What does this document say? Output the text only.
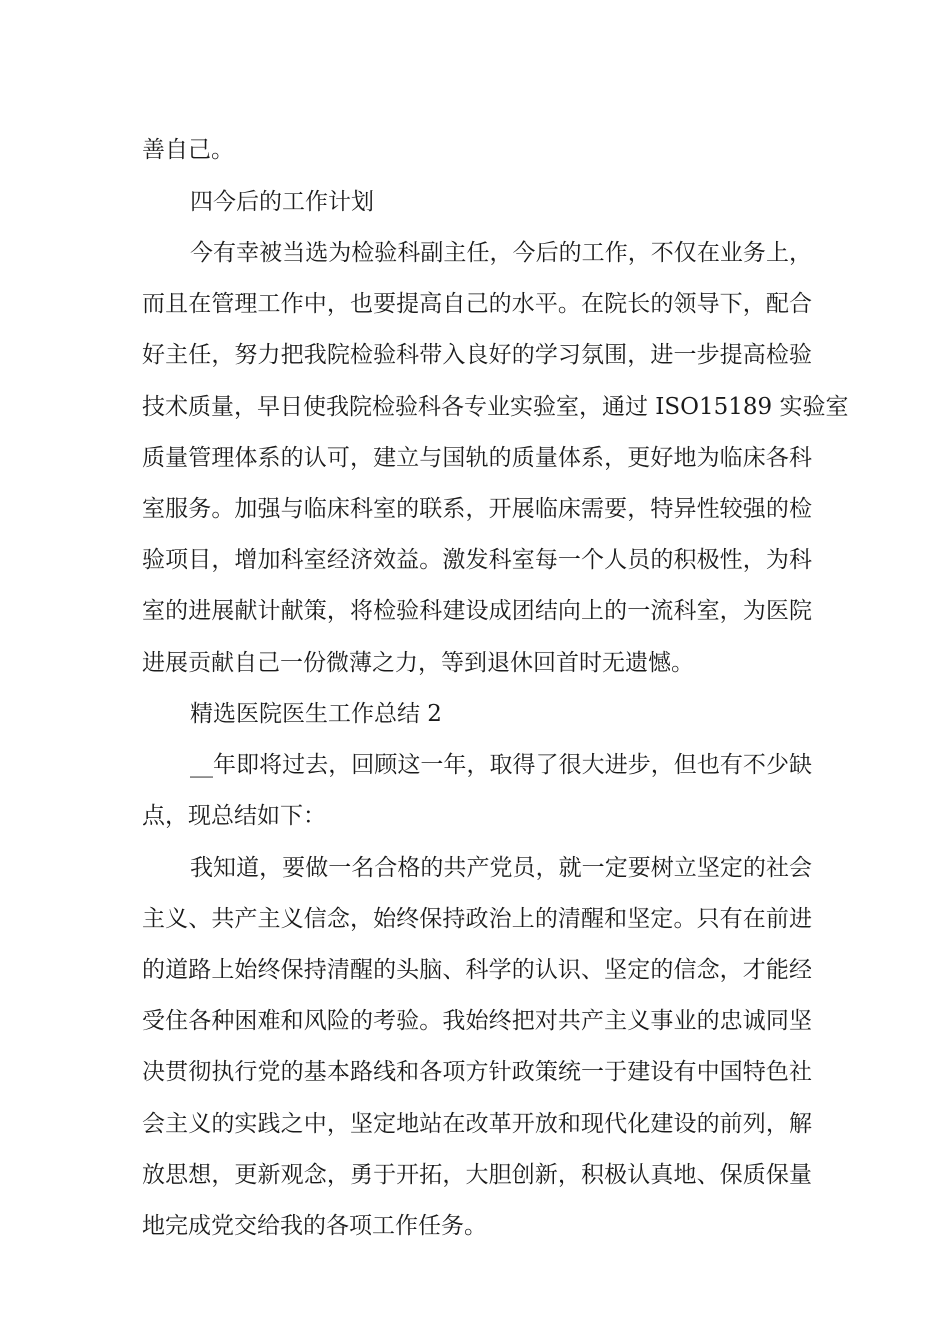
善自己。
四今后的工作计划
今有幸被当选为检验科副主任，今后的工作，不仅在业务上，
而且在管理工作中，也要提高自己的水平。在院长的领导下，配合
好主任，努力把我院检验科带入良好的学习氛围，进一步提高检验
技术质量，早日使我院检验科各专业实验室，通过 ISO15189 实验室
质量管理体系的认可，建立与国轨的质量体系，更好地为临床各科
室服务。加强与临床科室的联系，开展临床需要，特异性较强的检
验项目，增加科室经济效益。激发科室每一个人员的积极性，为科
室的进展献计献策，将检验科建设成团结向上的一流科室，为医院
进展贡献自己一份微薄之力，等到退休回首时无遗憾。
精选医院医生工作总结 2
__年即将过去，回顾这一年，取得了很大进步，但也有不少缺
点，现总结如下：
我知道，要做一名合格的共产党员，就一定要树立坚定的社会
主义、共产主义信念，始终保持政治上的清醒和坚定。只有在前进
的道路上始终保持清醒的头脑、科学的认识、坚定的信念，才能经
受住各种困难和风险的考验。我始终把对共产主义事业的忠诚同坚
决贯彻执行党的基本路线和各项方针政策统一于建设有中国特色社
会主义的实践之中，坚定地站在改革开放和现代化建设的前列，解
放思想，更新观念，勇于开拓，大胆创新，积极认真地、保质保量
地完成党交给我的各项工作任务。
